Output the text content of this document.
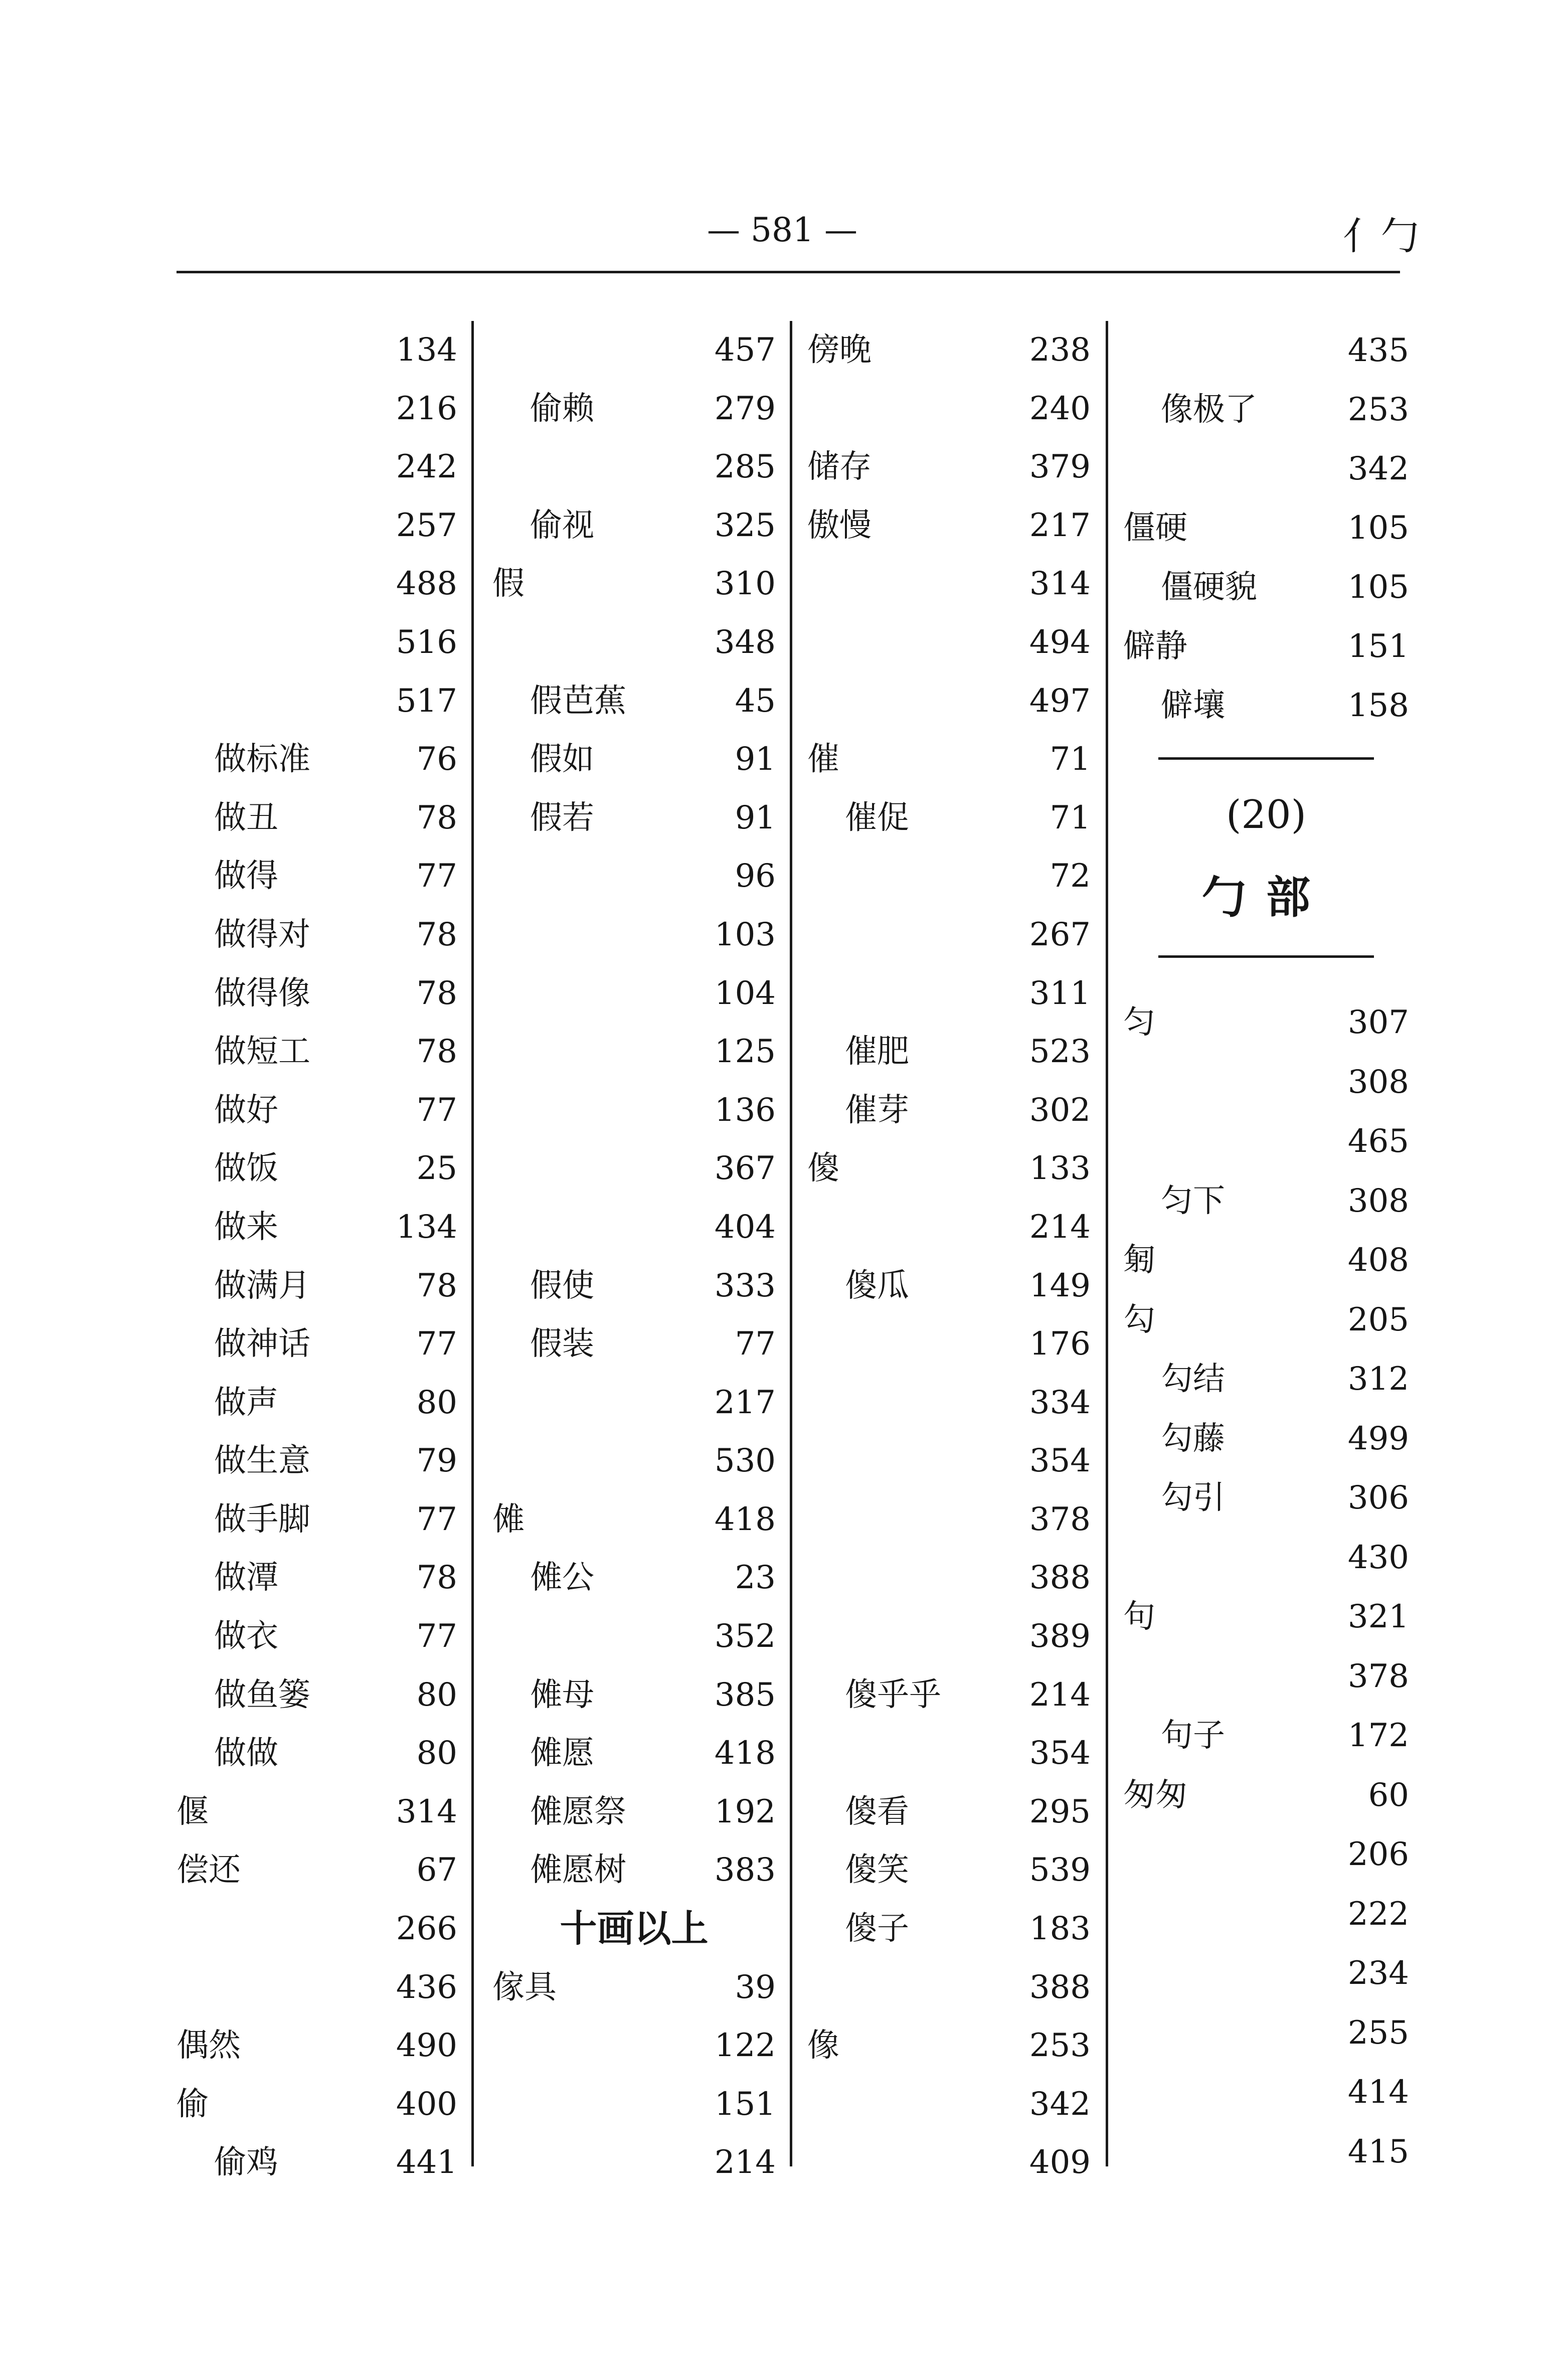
— 581 —	亻勹
134
216
242
257
488
516
517
做标准	76
做丑	78
做得	77
做得对	78
做得像	78
做短工	78
做好	77
做饭	25
做来	134
做满月	78
做神话	77
做声	80
做生意	79
做手脚	77
做潭	78
做衣	77
做鱼篓	80
做做	80
偃	314
偿还	67
266
436
偶然	490
偷	400
偷鸡	441
457
偷赖	279
285
偷视	325
假	310
348
假芭蕉	45
假如	91
假若	91
96
103
104
125
136
367
404
假使	333
假装	77
217
530
傩	418
傩公	23
352
傩母	385
傩愿	418
傩愿祭	192
傩愿树	383
十画以上
傢具	39
122
151
214
傍晚	238
240
储存	379
傲慢	217
314
494
497
催	71
催促	71
72
267
311
催肥	523
催芽	302
傻	133
214
傻瓜	149
176
334
354
378
388
389
傻乎乎	214
354
傻看	295
傻笑	539
傻子	183
388
像	253
342
409
435
像极了	253
342
僵硬	105
僵硬貌	105
僻静	151
僻壤	158
(20)
勹部
匀	307
308
465
匀下	308
匑	408
勾	205
勾结	312
勾藤	499
勾引	306
430
句	321
378
句子	172
匆匆	60
206
222
234
255
414
415
